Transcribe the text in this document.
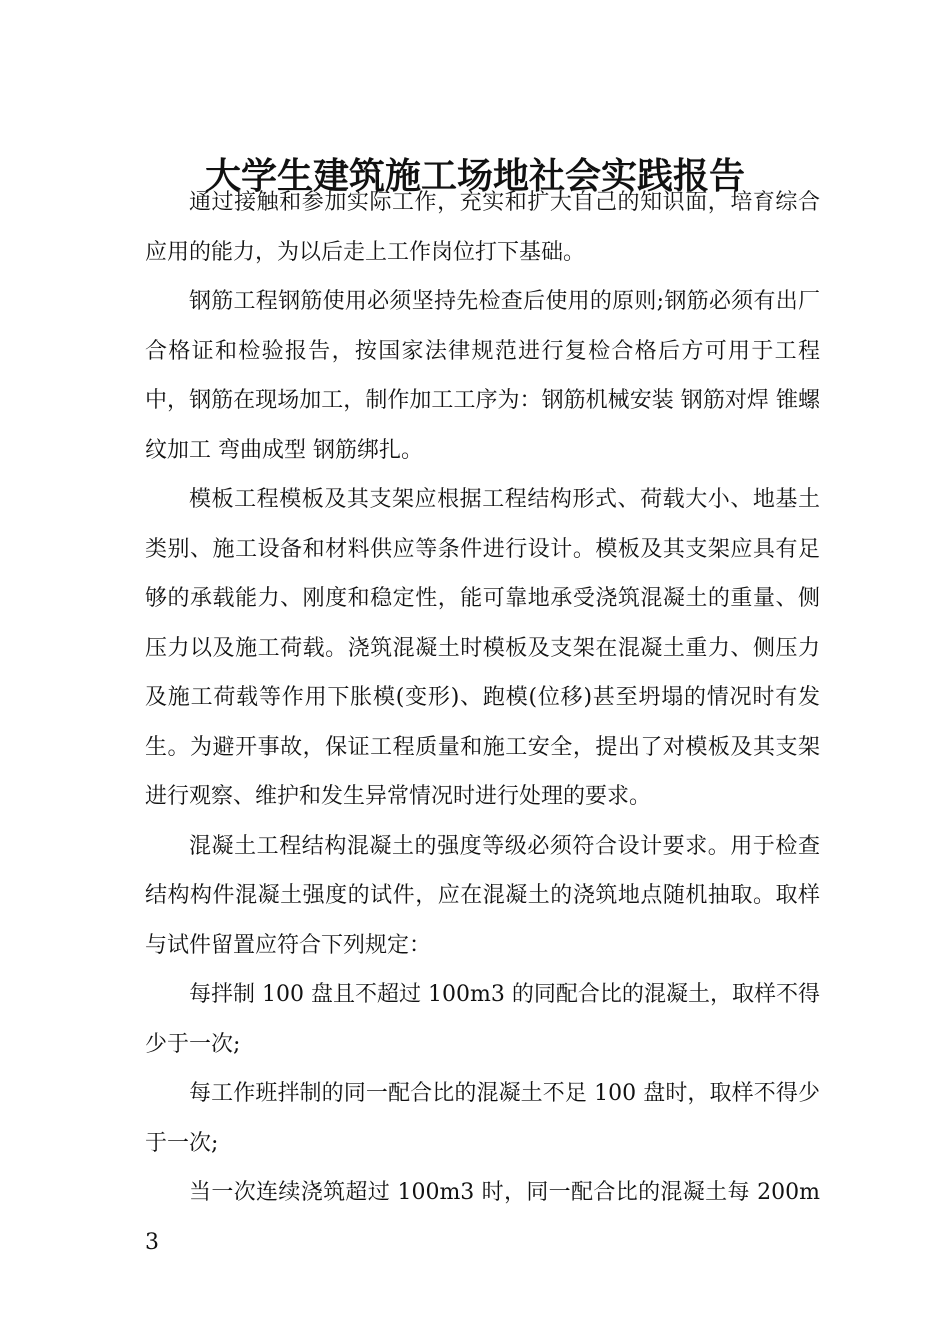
大学生建筑施工场地社会实践报告

通过接触和参加实际工作，充实和扩大自己的知识面，培育综合应用的能力，为以后走上工作岗位打下基础。

钢筋工程钢筋使用必须坚持先检查后使用的原则;钢筋必须有出厂合格证和检验报告，按国家法律规范进行复检合格后方可用于工程中，钢筋在现场加工，制作加工工序为：钢筋机械安装 钢筋对焊 锥螺纹加工 弯曲成型 钢筋绑扎。

模板工程模板及其支架应根据工程结构形式、荷载大小、地基土类别、施工设备和材料供应等条件进行设计。模板及其支架应具有足够的承载能力、刚度和稳定性，能可靠地承受浇筑混凝土的重量、侧压力以及施工荷载。浇筑混凝土时模板及支架在混凝土重力、侧压力及施工荷载等作用下胀模(变形)、跑模(位移)甚至坍塌的情况时有发生。为避开事故，保证工程质量和施工安全，提出了对模板及其支架进行观察、维护和发生异常情况时进行处理的要求。

混凝土工程结构混凝土的强度等级必须符合设计要求。用于检查结构构件混凝土强度的试件，应在混凝土的浇筑地点随机抽取。取样与试件留置应符合下列规定：

每拌制 100 盘且不超过 100m3 的同配合比的混凝土，取样不得少于一次;

每工作班拌制的同一配合比的混凝土不足 100 盘时，取样不得少于一次;

当一次连续浇筑超过 100m3 时，同一配合比的混凝土每 200m3
